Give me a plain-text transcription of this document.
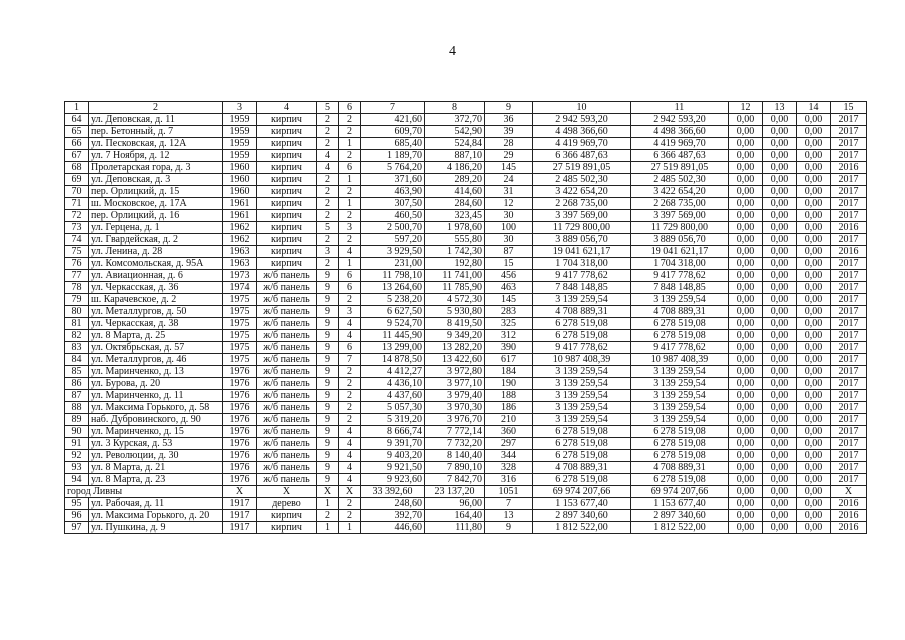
4
1	2	3	4	5	6	7	8	9	10	11	12	13	14	15
64	ул. Деповская, д. 11	1959	кирпич	2	2	421,60	372,70	36	2 942 593,20	2 942 593,20	0,00	0,00	0,00	2017
65	пер. Бетонный, д. 7	1959	кирпич	2	2	609,70	542,90	39	4 498 366,60	4 498 366,60	0,00	0,00	0,00	2017
66	ул. Песковская, д. 12А	1959	кирпич	2	1	685,40	524,84	28	4 419 969,70	4 419 969,70	0,00	0,00	0,00	2017
67	ул. 7 Ноября, д. 12	1959	кирпич	4	2	1 189,70	887,10	29	6 366 487,63	6 366 487,63	0,00	0,00	0,00	2017
68	Пролетарская гора, д. 3	1960	кирпич	4	6	5 764,20	4 186,20	145	27 519 891,05	27 519 891,05	0,00	0,00	0,00	2016
69	ул. Деповская, д. 3	1960	кирпич	2	1	371,60	289,20	24	2 485 502,30	2 485 502,30	0,00	0,00	0,00	2017
70	пер. Орлицкий, д. 15	1960	кирпич	2	2	463,90	414,60	31	3 422 654,20	3 422 654,20	0,00	0,00	0,00	2017
71	ш. Московское, д. 17А	1961	кирпич	2	1	307,50	284,60	12	2 268 735,00	2 268 735,00	0,00	0,00	0,00	2017
72	пер. Орлицкий, д. 16	1961	кирпич	2	2	460,50	323,45	30	3 397 569,00	3 397 569,00	0,00	0,00	0,00	2017
73	ул. Герцена, д. 1	1962	кирпич	5	3	2 500,70	1 978,60	100	11 729 800,00	11 729 800,00	0,00	0,00	0,00	2016
74	ул. Гвардейская, д. 2	1962	кирпич	2	2	597,20	555,80	30	3 889 056,70	3 889 056,70	0,00	0,00	0,00	2017
75	ул. Ленина, д. 28	1963	кирпич	3	4	3 929,50	1 742,30	87	19 041 621,17	19 041 621,17	0,00	0,00	0,00	2016
76	ул. Комсомольская, д. 95А	1963	кирпич	2	1	231,00	192,80	15	1 704 318,00	1 704 318,00	0,00	0,00	0,00	2017
77	ул. Авиационная, д. 6	1973	ж/б панель	9	6	11 798,10	11 741,00	456	9 417 778,62	9 417 778,62	0,00	0,00	0,00	2017
78	ул. Черкасская, д. 36	1974	ж/б панель	9	6	13 264,60	11 785,90	463	7 848 148,85	7 848 148,85	0,00	0,00	0,00	2017
79	ш. Карачевское, д. 2	1975	ж/б панель	9	2	5 238,20	4 572,30	145	3 139 259,54	3 139 259,54	0,00	0,00	0,00	2017
80	ул. Металлургов, д. 50	1975	ж/б панель	9	3	6 627,50	5 930,80	283	4 708 889,31	4 708 889,31	0,00	0,00	0,00	2017
81	ул. Черкасская, д. 38	1975	ж/б панель	9	4	9 524,70	8 419,50	325	6 278 519,08	6 278 519,08	0,00	0,00	0,00	2017
82	ул. 8 Марта, д. 25	1975	ж/б панель	9	4	11 445,90	9 349,20	312	6 278 519,08	6 278 519,08	0,00	0,00	0,00	2017
83	ул. Октябрьская, д. 57	1975	ж/б панель	9	6	13 299,00	13 282,20	390	9 417 778,62	9 417 778,62	0,00	0,00	0,00	2017
84	ул. Металлургов, д. 46	1975	ж/б панель	9	7	14 878,50	13 422,60	617	10 987 408,39	10 987 408,39	0,00	0,00	0,00	2017
85	ул. Маринченко, д. 13	1976	ж/б панель	9	2	4 412,27	3 972,80	184	3 139 259,54	3 139 259,54	0,00	0,00	0,00	2017
86	ул. Бурова, д. 20	1976	ж/б панель	9	2	4 436,10	3 977,10	190	3 139 259,54	3 139 259,54	0,00	0,00	0,00	2017
87	ул. Маринченко, д. 11	1976	ж/б панель	9	2	4 437,60	3 979,40	188	3 139 259,54	3 139 259,54	0,00	0,00	0,00	2017
88	ул. Максима Горького, д. 58	1976	ж/б панель	9	2	5 057,30	3 970,30	186	3 139 259,54	3 139 259,54	0,00	0,00	0,00	2017
89	наб. Дубровинского, д. 90	1976	ж/б панель	9	2	5 319,20	3 976,70	210	3 139 259,54	3 139 259,54	0,00	0,00	0,00	2017
90	ул. Маринченко, д. 15	1976	ж/б панель	9	4	8 666,74	7 772,14	360	6 278 519,08	6 278 519,08	0,00	0,00	0,00	2017
91	ул. 3 Курская, д. 53	1976	ж/б панель	9	4	9 391,70	7 732,20	297	6 278 519,08	6 278 519,08	0,00	0,00	0,00	2017
92	ул. Революции, д. 30	1976	ж/б панель	9	4	9 403,20	8 140,40	344	6 278 519,08	6 278 519,08	0,00	0,00	0,00	2017
93	ул. 8 Марта, д. 21	1976	ж/б панель	9	4	9 921,50	7 890,10	328	4 708 889,31	4 708 889,31	0,00	0,00	0,00	2017
94	ул. 8 Марта, д. 23	1976	ж/б панель	9	4	9 923,60	7 842,70	316	6 278 519,08	6 278 519,08	0,00	0,00	0,00	2017
город Ливны		X	X	X	X	33 392,60	23 137,20	1051	69 974 207,66	69 974 207,66	0,00	0,00	0,00	X
95	ул. Рабочая, д. 11	1917	дерево	1	2	248,60	96,00	7	1 153 677,40	1 153 677,40	0,00	0,00	0,00	2016
96	ул. Максима Горького, д. 20	1917	кирпич	2	2	392,70	164,40	13	2 897 340,60	2 897 340,60	0,00	0,00	0,00	2016
97	ул. Пушкина, д. 9	1917	кирпич	1	1	446,60	111,80	9	1 812 522,00	1 812 522,00	0,00	0,00	0,00	2016
